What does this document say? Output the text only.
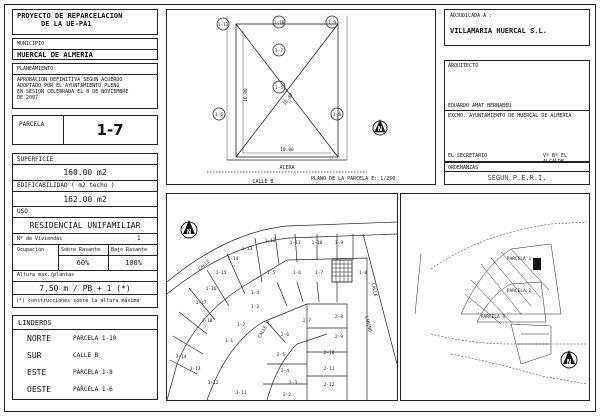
PROYECTO DE REPARCELACION
DE LA UE-PA1
MUNICIPIO
HUERCAL DE ALMERIA
PLANEAMIENTO
APROBACION DEFINITIVA SEGUN ACUERDO
ADOPTADO POR EL AYUNTAMIENTO PLENO
EN SESION CELEBRADA EL 8 DE NOVIEMBRE
DE 2007
PARCELA	1-7
SUPERFICIE
160.00 m2
EDIFICABILIDAD ( m2 techo )
162.00 m2
USO
RESIDENCIAL UNIFAMILIAR
Nº de Viviendas	1
Ocupación	Sobre Rasante Bajo Rasante
60%	100%
Altura max./plantas
7.50 m / PB + 1 (*)
(*) construcciones sobre la altura máxima
LINDEROS
NORTE	PARCELA 1-10
SUR	CALLE B
ESTE	PARCELA 1-8
OESTE	PARCELA 1-6
1-11	1-10	1-9
1-7
1-6	1-8
1-5
10.00
16.00	18.87
N
ACERA
CALLE B	PLANO DE LA PARCELA E: 1/250
ADJUDICADA A :
VILLAMARIA HUERCAL S.L.
ARQUITECTO
EDUARDO AMAT BERNABEU
EXCMO. AYUNTAMIENTO DE HUERCAL DE ALMERIA
EL SECRETARIO	Vº Bº EL
ORDENANZAS
SEGUN P.E.R.I.
N
1-12	1-11 1-10	1-9
1-13
1-14
1-15	1-5	1-6	1-7	1-8
1-16
1-17
1-4
1-3
1-18
1-2
1-1
2-7
2-8
2-6	2-9
2-5	2-10
2-4	2-11
2-3	2-12
2-2
3-14
3-13
3-12
3-11
CALLE
CALLE B	CAMINO
CALLE
N
PARCELA 1
PARCELA 2
PARCELA 3
